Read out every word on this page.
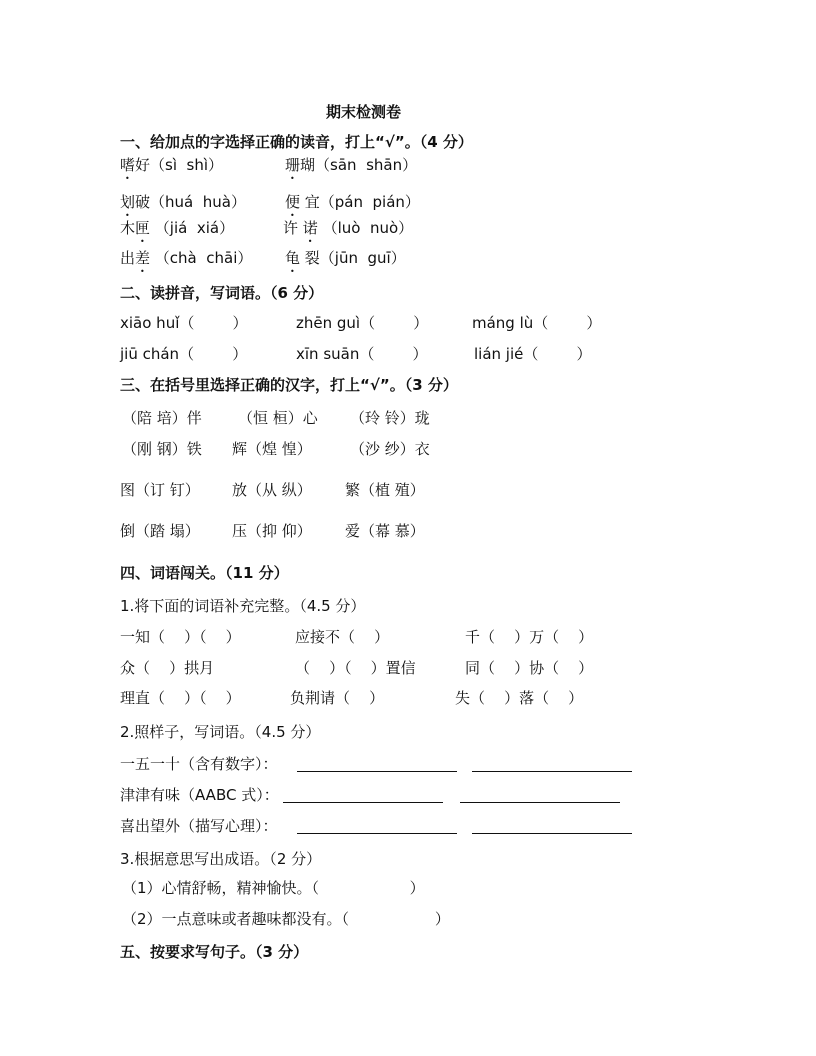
期末检测卷
一、给加点的字选择正确的读音，打上“√”。（4 分）
嗜好（sì  shì）	珊瑚（sān  shān）
划破（huá  huà）	便 宜（pán  pián）
木匣 （jiá  xiá）	许 诺 （luò  nuò）
出差 （chà  chāi） 龟 裂（jūn  guī）
二、读拼音，写词语。（6 分）
xiāo huǐ（        ）	zhēn guì（        ）	máng lù（        ）
jiū chán（        ）	xīn suān（        ）	lián jié（        ）
三、在括号里选择正确的汉字，打上“√”。（3 分）
（陪 培）伴 （恒 桓）心 （玲 铃）珑
（刚 钢）铁 辉（煌 惶）	（沙 纱）衣
图（订 钉） 放（从 纵） 繁（植 殖）
倒（踏 塌） 压（抑 仰） 爱（幕 慕）
四、词语闯关。（11 分）
1.将下面的词语补充完整。（4.5 分）
一知（    ）（    ）	应接不（    ）	千（    ）万（    ）
众（    ）拱月	（    ）（    ）置信	同（    ）协（    ）
理直（    ）（    ）	负荆请（    ）	失（    ）落（    ）
2.照样子，写词语。（4.5 分）
一五一十（含有数字）：
津津有味（AABC 式）：
喜出望外（描写心理）：
3.根据意思写出成语。（2 分）
（1）心情舒畅，精神愉快。（                   ）
（2）一点意味或者趣味都没有。（                  ）
五、按要求写句子。（3 分）
